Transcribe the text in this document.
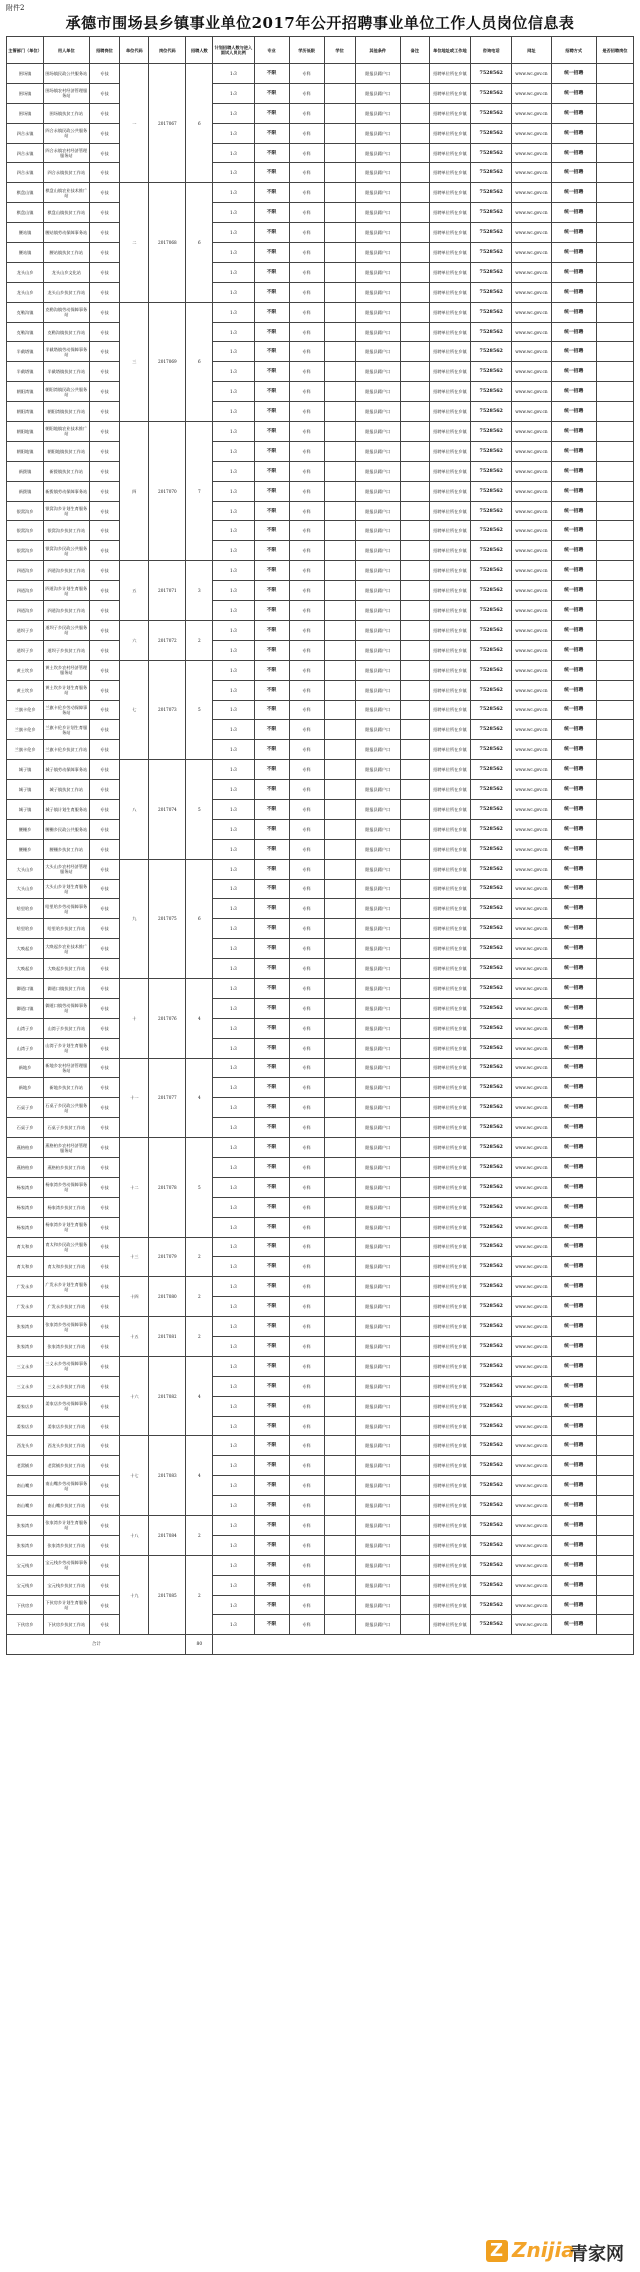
附件2
承德市围场县乡镇事业单位2017年公开招聘事业单位工作人员岗位信息表
主管部门（单位）	用人单位	招聘岗位	单位代码	岗位代码	招聘人数	计划招聘人数与进入面试人员比例	专业	学历低限	学位	其他条件	备注	单位地址或工作地	咨询电话	网址	招聘方式	是否招聘岗位
围场镇	围场镇民政公共服务站	专技	一	2017067	6	1:3	不限	专科		限报县籍户口		招聘单位所在乡镇	7528562	www.wc.gov.cn	统一招聘	
围场镇	围场镇农村经济管理服务站	专技				1:3	不限	专科		限报县籍户口		招聘单位所在乡镇	7528562	www.wc.gov.cn	统一招聘	
围场镇	围场镇扶贫工作站	专技				1:3	不限	专科		限报县籍户口		招聘单位所在乡镇	7528562	www.wc.gov.cn	统一招聘	
四合永镇	四合永镇民政公共服务站	专技				1:3	不限	专科		限报县籍户口		招聘单位所在乡镇	7528562	www.wc.gov.cn	统一招聘	
四合永镇	四合永镇农村经济管理服务站	专技				1:3	不限	专科		限报县籍户口		招聘单位所在乡镇	7528562	www.wc.gov.cn	统一招聘	
四合永镇	四合永镇扶贫工作站	专技				1:3	不限	专科		限报县籍户口		招聘单位所在乡镇	7528562	www.wc.gov.cn	统一招聘	
棋盘山镇	棋盘山镇农业技术推广站	专技	二	2017068	6	1:3	不限	专科		限报县籍户口		招聘单位所在乡镇	7528562	www.wc.gov.cn	统一招聘	
棋盘山镇	棋盘山镇扶贫工作站	专技				1:3	不限	专科		限报县籍户口		招聘单位所在乡镇	7528562	www.wc.gov.cn	统一招聘	
腰站镇	腰站镇劳动保障事务站	专技				1:3	不限	专科		限报县籍户口		招聘单位所在乡镇	7528562	www.wc.gov.cn	统一招聘	
腰站镇	腰站镇扶贫工作站	专技				1:3	不限	专科		限报县籍户口		招聘单位所在乡镇	7528562	www.wc.gov.cn	统一招聘	
龙头山乡	龙头山乡文化站	专技				1:3	不限	专科		限报县籍户口		招聘单位所在乡镇	7528562	www.wc.gov.cn	统一招聘	
龙头山乡	龙头山乡扶贫工作站	专技				1:3	不限	专科		限报县籍户口		招聘单位所在乡镇	7528562	www.wc.gov.cn	统一招聘	
克勒沟镇	克勒沟镇劳动保障事务站	专技	三	2017069	6	1:3	不限	专科		限报县籍户口		招聘单位所在乡镇	7528562	www.wc.gov.cn	统一招聘	
克勒沟镇	克勒沟镇扶贫工作站	专技				1:3	不限	专科		限报县籍户口		招聘单位所在乡镇	7528562	www.wc.gov.cn	统一招聘	
半截塔镇	半截塔镇劳动保障事务站	专技				1:3	不限	专科		限报县籍户口		招聘单位所在乡镇	7528562	www.wc.gov.cn	统一招聘	
半截塔镇	半截塔镇扶贫工作站	专技				1:3	不限	专科		限报县籍户口		招聘单位所在乡镇	7528562	www.wc.gov.cn	统一招聘	
朝阳湾镇	朝阳湾镇民政公共服务站	专技				1:3	不限	专科		限报县籍户口		招聘单位所在乡镇	7528562	www.wc.gov.cn	统一招聘	
朝阳湾镇	朝阳湾镇扶贫工作站	专技				1:3	不限	专科		限报县籍户口		招聘单位所在乡镇	7528562	www.wc.gov.cn	统一招聘	
朝阳地镇	朝阳地镇农业技术推广站	专技	四	2017070	7	1:3	不限	专科		限报县籍户口		招聘单位所在乡镇	7528562	www.wc.gov.cn	统一招聘	
朝阳地镇	朝阳地镇扶贫工作站	专技				1:3	不限	专科		限报县籍户口		招聘单位所在乡镇	7528562	www.wc.gov.cn	统一招聘	
新拨镇	新拨镇扶贫工作站	专技				1:3	不限	专科		限报县籍户口		招聘单位所在乡镇	7528562	www.wc.gov.cn	统一招聘	
新拨镇	新拨镇劳动保障事务站	专技				1:3	不限	专科		限报县籍户口		招聘单位所在乡镇	7528562	www.wc.gov.cn	统一招聘	
银窝沟乡	银窝沟乡计划生育服务站	专技				1:3	不限	专科		限报县籍户口		招聘单位所在乡镇	7528562	www.wc.gov.cn	统一招聘	
银窝沟乡	银窝沟乡扶贫工作站	专技				1:3	不限	专科		限报县籍户口		招聘单位所在乡镇	7528562	www.wc.gov.cn	统一招聘	
银窝沟乡	银窝沟乡民政公共服务站	专技				1:3	不限	专科		限报县籍户口		招聘单位所在乡镇	7528562	www.wc.gov.cn	统一招聘	
四道沟乡	四道沟乡扶贫工作站	专技	五	2017071	3	1:3	不限	专科		限报县籍户口		招聘单位所在乡镇	7528562	www.wc.gov.cn	统一招聘	
四道沟乡	四道沟乡计划生育服务站	专技				1:3	不限	专科		限报县籍户口		招聘单位所在乡镇	7528562	www.wc.gov.cn	统一招聘	
四道沟乡	四道沟乡扶贫工作站	专技				1:3	不限	专科		限报县籍户口		招聘单位所在乡镇	7528562	www.wc.gov.cn	统一招聘	
道坝子乡	道坝子乡民政公共服务站	专技	六	2017072	2	1:3	不限	专科		限报县籍户口		招聘单位所在乡镇	7528562	www.wc.gov.cn	统一招聘	
道坝子乡	道坝子乡扶贫工作站	专技				1:3	不限	专科		限报县籍户口		招聘单位所在乡镇	7528562	www.wc.gov.cn	统一招聘	
黄土坎乡	黄土坎乡农村经济管理服务站	专技	七	2017073	5	1:3	不限	专科		限报县籍户口		招聘单位所在乡镇	7528562	www.wc.gov.cn	统一招聘	
黄土坎乡	黄土坎乡计划生育服务站	专技				1:3	不限	专科		限报县籍户口		招聘单位所在乡镇	7528562	www.wc.gov.cn	统一招聘	
兰旗卡伦乡	兰旗卡伦乡劳动保障事务站	专技				1:3	不限	专科		限报县籍户口		招聘单位所在乡镇	7528562	www.wc.gov.cn	统一招聘	
兰旗卡伦乡	兰旗卡伦乡计划生育服务站	专技				1:3	不限	专科		限报县籍户口		招聘单位所在乡镇	7528562	www.wc.gov.cn	统一招聘	
兰旗卡伦乡	兰旗卡伦乡扶贫工作站	专技				1:3	不限	专科		限报县籍户口		招聘单位所在乡镇	7528562	www.wc.gov.cn	统一招聘	
城子镇	城子镇劳动保障事务站	专技	八	2017074	5	1:3	不限	专科		限报县籍户口		招聘单位所在乡镇	7528562	www.wc.gov.cn	统一招聘	
城子镇	城子镇扶贫工作站	专技				1:3	不限	专科		限报县籍户口		招聘单位所在乡镇	7528562	www.wc.gov.cn	统一招聘	
城子镇	城子镇计划生育服务站	专技				1:3	不限	专科		限报县籍户口		招聘单位所在乡镇	7528562	www.wc.gov.cn	统一招聘	
腰栅乡	腰栅乡民政公共服务站	专技				1:3	不限	专科		限报县籍户口		招聘单位所在乡镇	7528562	www.wc.gov.cn	统一招聘	
腰栅乡	腰栅乡扶贫工作站	专技				1:3	不限	专科		限报县籍户口		招聘单位所在乡镇	7528562	www.wc.gov.cn	统一招聘	
大头山乡	大头山乡农村经济管理服务站	专技	九	2017075	6	1:3	不限	专科		限报县籍户口		招聘单位所在乡镇	7528562	www.wc.gov.cn	统一招聘	
大头山乡	大头山乡计划生育服务站	专技				1:3	不限	专科		限报县籍户口		招聘单位所在乡镇	7528562	www.wc.gov.cn	统一招聘	
哈里哈乡	哈里哈乡劳动保障事务站	专技				1:3	不限	专科		限报县籍户口		招聘单位所在乡镇	7528562	www.wc.gov.cn	统一招聘	
哈里哈乡	哈里哈乡扶贫工作站	专技				1:3	不限	专科		限报县籍户口		招聘单位所在乡镇	7528562	www.wc.gov.cn	统一招聘	
大唤起乡	大唤起乡农业技术推广站	专技				1:3	不限	专科		限报县籍户口		招聘单位所在乡镇	7528562	www.wc.gov.cn	统一招聘	
大唤起乡	大唤起乡扶贫工作站	专技				1:3	不限	专科		限报县籍户口		招聘单位所在乡镇	7528562	www.wc.gov.cn	统一招聘	
御道口镇	御道口镇扶贫工作站	专技	十	2017076	4	1:3	不限	专科		限报县籍户口		招聘单位所在乡镇	7528562	www.wc.gov.cn	统一招聘	
御道口镇	御道口镇劳动保障事务站	专技				1:3	不限	专科		限报县籍户口		招聘单位所在乡镇	7528562	www.wc.gov.cn	统一招聘	
山湾子乡	山湾子乡扶贫工作站	专技				1:3	不限	专科		限报县籍户口		招聘单位所在乡镇	7528562	www.wc.gov.cn	统一招聘	
山湾子乡	山湾子乡计划生育服务站	专技				1:3	不限	专科		限报县籍户口		招聘单位所在乡镇	7528562	www.wc.gov.cn	统一招聘	
新地乡	新地乡农村经济管理服务站	专技	十一	2017077	4	1:3	不限	专科		限报县籍户口		招聘单位所在乡镇	7528562	www.wc.gov.cn	统一招聘	
新地乡	新地乡扶贫工作站	专技				1:3	不限	专科		限报县籍户口		招聘单位所在乡镇	7528562	www.wc.gov.cn	统一招聘	
石桌子乡	石桌子乡民政公共服务站	专技				1:3	不限	专科		限报县籍户口		招聘单位所在乡镇	7528562	www.wc.gov.cn	统一招聘	
石桌子乡	石桌子乡扶贫工作站	专技				1:3	不限	专科		限报县籍户口		招聘单位所在乡镇	7528562	www.wc.gov.cn	统一招聘	
燕格柏乡	燕格柏乡农村经济管理服务站	专技	十二	2017078	5	1:3	不限	专科		限报县籍户口		招聘单位所在乡镇	7528562	www.wc.gov.cn	统一招聘	
燕格柏乡	燕格柏乡扶贫工作站	专技				1:3	不限	专科		限报县籍户口		招聘单位所在乡镇	7528562	www.wc.gov.cn	统一招聘	
杨家湾乡	杨家湾乡劳动保障事务站	专技				1:3	不限	专科		限报县籍户口		招聘单位所在乡镇	7528562	www.wc.gov.cn	统一招聘	
杨家湾乡	杨家湾乡扶贫工作站	专技				1:3	不限	专科		限报县籍户口		招聘单位所在乡镇	7528562	www.wc.gov.cn	统一招聘	
杨家湾乡	杨家湾乡计划生育服务站	专技				1:3	不限	专科		限报县籍户口		招聘单位所在乡镇	7528562	www.wc.gov.cn	统一招聘	
育太和乡	育太和乡民政公共服务站	专技	十三	2017079	2	1:3	不限	专科		限报县籍户口		招聘单位所在乡镇	7528562	www.wc.gov.cn	统一招聘	
育太和乡	育太和乡扶贫工作站	专技				1:3	不限	专科		限报县籍户口		招聘单位所在乡镇	7528562	www.wc.gov.cn	统一招聘	
广发永乡	广发永乡计划生育服务站	专技	十四	2017080	2	1:3	不限	专科		限报县籍户口		招聘单位所在乡镇	7528562	www.wc.gov.cn	统一招聘	
广发永乡	广发永乡扶贫工作站	专技				1:3	不限	专科		限报县籍户口		招聘单位所在乡镇	7528562	www.wc.gov.cn	统一招聘	
张家湾乡	张家湾乡劳动保障事务站	专技	十五	2017081	2	1:3	不限	专科		限报县籍户口		招聘单位所在乡镇	7528562	www.wc.gov.cn	统一招聘	
张家湾乡	张家湾乡扶贫工作站	专技				1:3	不限	专科		限报县籍户口		招聘单位所在乡镇	7528562	www.wc.gov.cn	统一招聘	
三义永乡	三义永乡劳动保障事务站	专技	十六	2017082	4	1:3	不限	专科		限报县籍户口		招聘单位所在乡镇	7528562	www.wc.gov.cn	统一招聘	
三义永乡	三义永乡扶贫工作站	专技				1:3	不限	专科		限报县籍户口		招聘单位所在乡镇	7528562	www.wc.gov.cn	统一招聘	
姜家店乡	姜家店乡劳动保障事务站	专技				1:3	不限	专科		限报县籍户口		招聘单位所在乡镇	7528562	www.wc.gov.cn	统一招聘	
姜家店乡	姜家店乡扶贫工作站	专技				1:3	不限	专科		限报县籍户口		招聘单位所在乡镇	7528562	www.wc.gov.cn	统一招聘	
西龙头乡	西龙头乡扶贫工作站	专技	十七	2017083	4	1:3	不限	专科		限报县籍户口		招聘单位所在乡镇	7528562	www.wc.gov.cn	统一招聘	
老窝铺乡	老窝铺乡扶贫工作站	专技				1:3	不限	专科		限报县籍户口		招聘单位所在乡镇	7528562	www.wc.gov.cn	统一招聘	
南山嘴乡	南山嘴乡劳动保障事务站	专技				1:3	不限	专科		限报县籍户口		招聘单位所在乡镇	7528562	www.wc.gov.cn	统一招聘	
南山嘴乡	南山嘴乡扶贫工作站	专技				1:3	不限	专科		限报县籍户口		招聘单位所在乡镇	7528562	www.wc.gov.cn	统一招聘	
张家湾乡	张家湾乡计划生育服务站	专技	十八	2017084	2	1:3	不限	专科		限报县籍户口		招聘单位所在乡镇	7528562	www.wc.gov.cn	统一招聘	
张家湾乡	张家湾乡扶贫工作站	专技				1:3	不限	专科		限报县籍户口		招聘单位所在乡镇	7528562	www.wc.gov.cn	统一招聘	
宝元栈乡	宝元栈乡劳动保障事务站	专技	十九	2017085	2	1:3	不限	专科		限报县籍户口		招聘单位所在乡镇	7528562	www.wc.gov.cn	统一招聘	
宝元栈乡	宝元栈乡扶贫工作站	专技				1:3	不限	专科		限报县籍户口		招聘单位所在乡镇	7528562	www.wc.gov.cn	统一招聘	
下伙房乡	下伙房乡计划生育服务站	专技				1:3	不限	专科		限报县籍户口		招聘单位所在乡镇	7528562	www.wc.gov.cn	统一招聘	
下伙房乡	下伙房乡扶贫工作站	专技				1:3	不限	专科		限报县籍户口		招聘单位所在乡镇	7528562	www.wc.gov.cn	统一招聘	
合计					80											
Z Znijia
青家网
